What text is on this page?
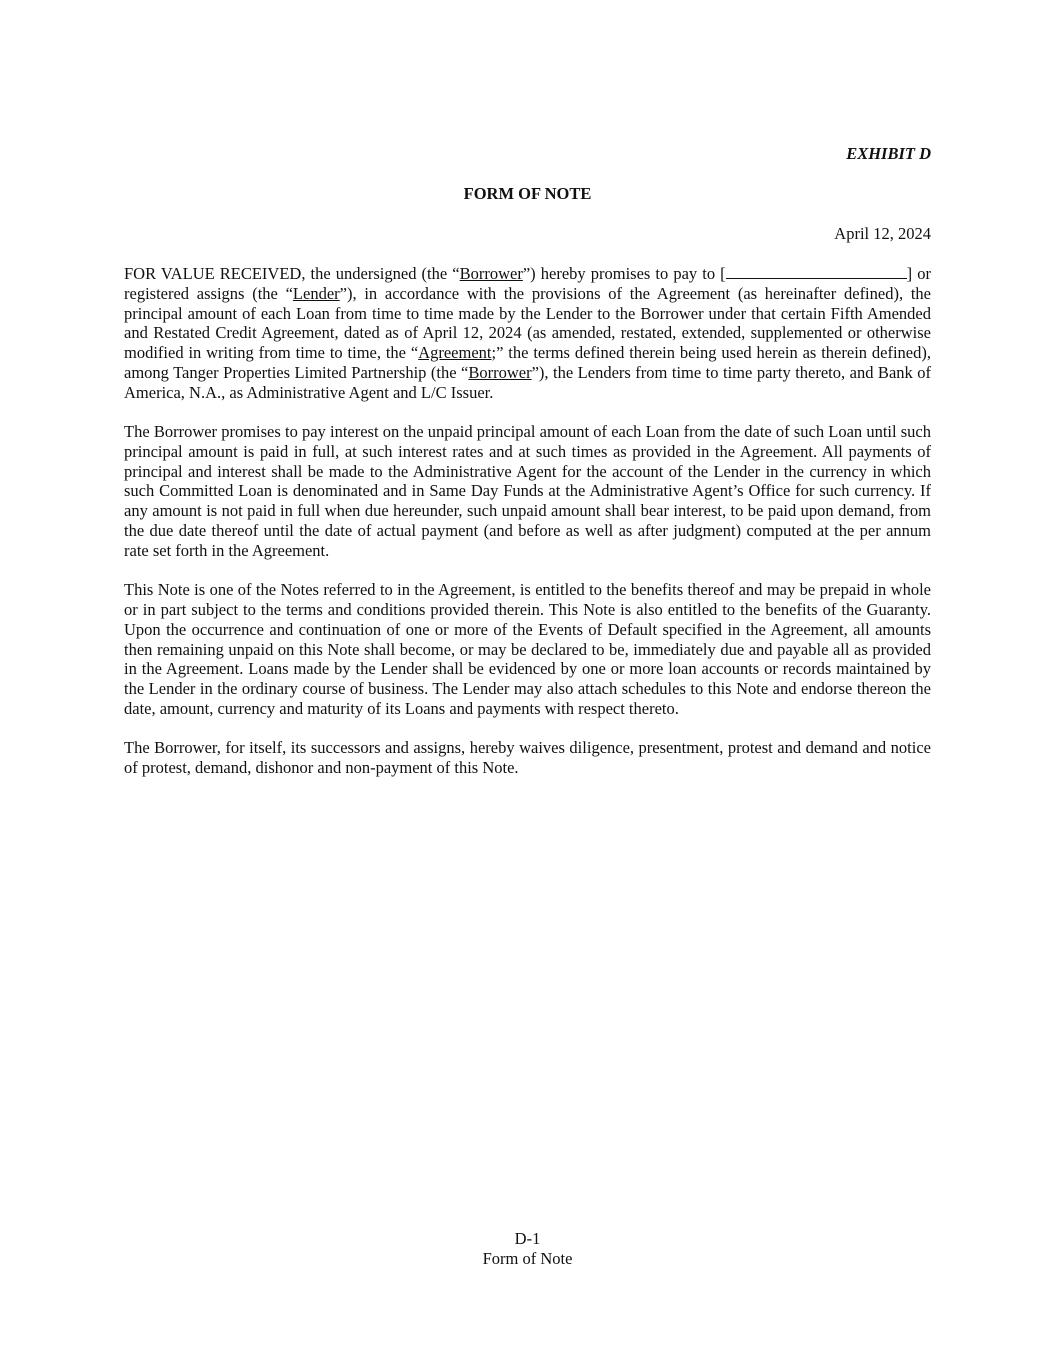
EXHIBIT D
FORM OF NOTE
April 12, 2024

FOR VALUE RECEIVED, the undersigned (the “Borrower”) hereby promises to pay to [	] or registered assigns (the “Lender”), in accordance with the provisions of the Agreement (as hereinafter defined), the principal amount of each Loan from time to time made by the Lender to the Borrower under that certain Fifth Amended and Restated Credit Agreement, dated as of April 12, 2024 (as amended, restated, extended, supplemented or otherwise modified in writing from time to time, the “Agreement;” the terms defined therein being used herein as therein defined), among Tanger Properties Limited Partnership (the “Borrower”), the Lenders from time to time party thereto, and Bank of America, N.A., as Administrative Agent and L/C Issuer.

The Borrower promises to pay interest on the unpaid principal amount of each Loan from the date of such Loan until such principal amount is paid in full, at such interest rates and at such times as provided in the Agreement. All payments of principal and interest shall be made to the Administrative Agent for the account of the Lender in the currency in which such Committed Loan is denominated and in Same Day Funds at the Administrative Agent’s Office for such currency. If any amount is not paid in full when due hereunder, such unpaid amount shall bear interest, to be paid upon demand, from the due date thereof until the date of actual payment (and before as well as after judgment) computed at the per annum rate set forth in the Agreement.

This Note is one of the Notes referred to in the Agreement, is entitled to the benefits thereof and may be prepaid in whole or in part subject to the terms and conditions provided therein. This Note is also entitled to the benefits of the Guaranty. Upon the occurrence and continuation of one or more of the Events of Default specified in the Agreement, all amounts then remaining unpaid on this Note shall become, or may be declared to be, immediately due and payable all as provided in the Agreement. Loans made by the Lender shall be evidenced by one or more loan accounts or records maintained by the Lender in the ordinary course of business. The Lender may also attach schedules to this Note and endorse thereon the date, amount, currency and maturity of its Loans and payments with respect thereto.

The Borrower, for itself, its successors and assigns, hereby waives diligence, presentment, protest and demand and notice of protest, demand, dishonor and non-payment of this Note.

D-1
Form of Note
